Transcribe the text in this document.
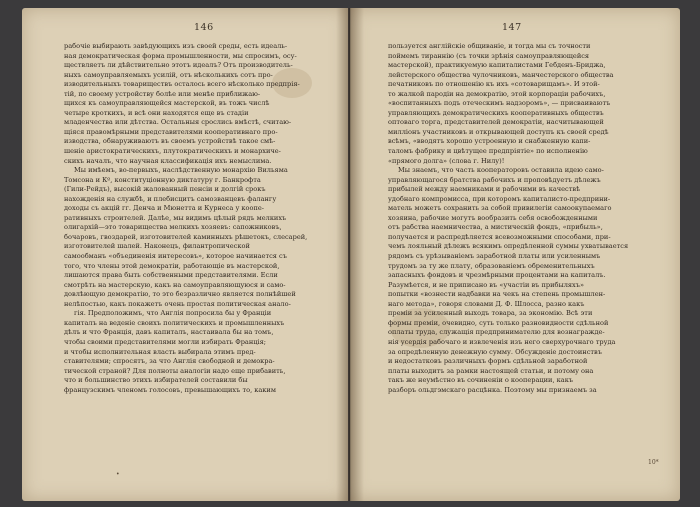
146
рабочіе выбирають завѣдующихъ изъ своей среды, есть идеаль-
ная демократическая форма промышленности, мы спросимъ, осу-
ществляетъ ли дѣйствительно этотъ идеалъ? Отъ производитель-
ныхъ самоуправляемыхъ усилій, отъ нѣсколькихъ сотъ про-
изводительныхъ товариществъ осталось всего нѣсколько предпрія-
тій, по своему устройству болѣе или менѣе приближаю-
щихся къ самоуправляющейся мастерской, въ тожъ числѣ
четыре кроткихъ, и всѣ они находятся еще въ стадіи
младенчества или дѣтства. Остальныя срослись вмѣстѣ, считаю-
щіяся правомѣрными представителями кооперативнаго про-
изводства, обнаруживаютъ въ своемъ устройствѣ такое смѣ-
шеніе аристократическихъ, плутократическихъ и монархиче-
скихъ началъ, что научная классификація ихъ немыслима.
Мы имѣемъ, во-первыхъ, наслѣдственную монархію Вильяма
Томсона и Кº, конституціонную диктатуру г. Банкрофта
(Гили-Рейдъ), высокій жалованный пенсіи и долгій срокъ
нахожденія на службѣ, и плебисцитъ самозванцевъ фалангу
доходы съ акцій гг. Денча и Мюнетта и Курнеса у коопе-
ративныхъ строителей. Далѣе, мы видимъ цѣлый рядъ мелкихъ
олигархій—это товарищества мелкихъ хозяевъ: сапожниковъ,
бочаровъ, гвоздарей, изготовителей каминныхъ рѣшетокъ, слесарей,
изготовителей шалей. Наконецъ, филантропической
самообманъ «объединенія интересовъ», которое начинается съ
того, что члены этой демократіи, работающіе въ мастерской,
лишаются права быть собственными представителями. Если
смотрѣть на мастерскую, какъ на самоуправляющуюся и само-
довлѣющую демократію, то это безразлично является полнѣйшей
нелѣпостью, какъ покажетъ очень простая политическая анало-
гія. Предположимъ, что Англія попросила бы у Франціи
капиталъ на веденіе своихъ политическихъ и промышленныхъ
дѣлъ и что Франція, давъ капиталъ, настаивала бы на томъ,
чтобы своими представителями могли избирать Франція;
и чтобы исполнительная власть выбирала этимъ пред-
ставителями; спросятъ, за что Англія свободной и демокра-
тической страной? Для полноты аналогіи надо еще прибавить,
что и большинство этихъ избирателей составили бы
французскимъ членомъ голосовъ, превышающихъ то, каким
•
147
пользуется англійскіе общиваніе, и тогда мы съ точности
поймемъ тираннію (съ точки зрѣнія самоуправляющейся
мастерской), практикуемую капиталистами Гебденъ-Бриджа,
лейстерского общества чулочниковъ, манчестерского общества
печатниковъ по отношенію къ ихъ «сотоварищамъ». И этой-
то жалкой пародіи на демократію, этой корпораціи рабочихъ,
«воспитанныхъ подъ отеческимъ надзоромъ», — присваиваютъ
управляющихъ демократическихъ кооперативныхъ обществъ
оптоваго торга, представителей демократіи, насчитывающей
милліонъ участниковъ и открывающей доступъ къ своей средѣ
всѣмъ, «вводятъ хорошо устроенную и снабженную капи-
таломъ фабрику и цвѣтущее предпріятіе» по исполненію
«прямого долга» (слова г. Нилу)!
Мы знаемъ, что часть кооператоровъ оставила идею само-
управляющагося братства рабочихъ и проповѣдуетъ дѣлежъ
прибылей между наемниками и рабочими въ качествѣ
удобнаго компромисса, при которомъ капиталисто-предприни-
матель можетъ сохранить за собой привилегіи самоокупаемаго
хозяина, рабочие могутъ вообразить себя освобожденными
отъ рабства наемничества, а мистическій фондъ, «прибыль»,
получается и распредѣляется всевозможными способами, при-
чемъ лояльный дѣлежъ всякимъ опредѣленной суммы ухватывается
рядомъ съ урѣзываніемъ заработной платы или усиленнымъ
трудомъ за ту же плату, образованіемъ обременительныхъ
запасныхъ фондовъ и чрезмѣрными процентами на капиталъ.
Разумѣется, и не приписано въ «участіи въ прибыляхъ»
попытки «вознести надбавки на чекъ на степень промышлен-
наго метода», говоря словами Д. Ф. Шлосса, разно какъ
преміи за усиленный выходъ товара, за экономію. Всѣ эти
формы преміи, очевидно, суть только разновидности сдѣльной
оплаты труда, служащія предпринимателю для вознагражде-
нія усердія рабочаго и извлеченія изъ него сверхурочнаго труда
за опредѣленную денежную сумму. Обсужденіе достоинствъ
и недостатковъ различныхъ формъ сдѣльной заработной
платы выходитъ за рамки настоящей статьи, и потому она
такъ же неумѣстно въ сочиненіи о кооперации, какъ
разборъ ольдгэмскаго расцѣнка. Поэтому мы признаемъ за
10*
